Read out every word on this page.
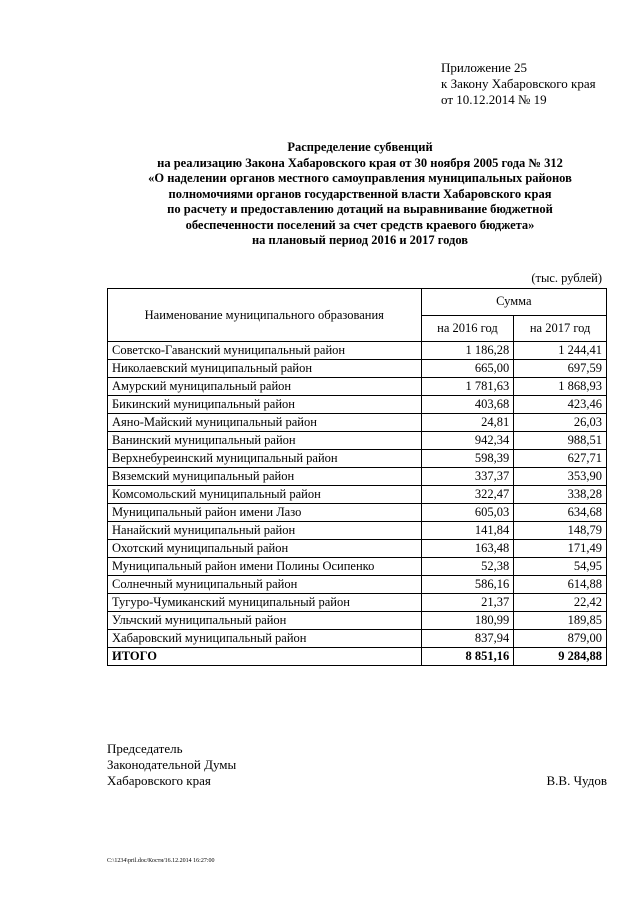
Приложение 25
к Закону Хабаровского края
от 10.12.2014 № 19
Распределение субвенций
на реализацию Закона Хабаровского края от 30 ноября 2005 года № 312
«О наделении органов местного самоуправления муниципальных районов
полномочиями органов государственной власти Хабаровского края
по расчету и предоставлению дотаций на выравнивание бюджетной
обеспеченности поселений за счет средств краевого бюджета»
на плановый период 2016 и 2017 годов
(тыс. рублей)
Наименование муниципального образования	Сумма	
	на 2016 год	на 2017 год
Советско-Гаванский муниципальный район	1 186,28	1 244,41
Николаевский муниципальный район	665,00	697,59
Амурский муниципальный район	1 781,63	1 868,93
Бикинский муниципальный район	403,68	423,46
Аяно-Майский муниципальный район	24,81	26,03
Ванинский муниципальный район	942,34	988,51
Верхнебуреинский муниципальный район	598,39	627,71
Вяземский муниципальный район	337,37	353,90
Комсомольский муниципальный район	322,47	338,28
Муниципальный район имени Лазо	605,03	634,68
Нанайский муниципальный район	141,84	148,79
Охотский муниципальный район	163,48	171,49
Муниципальный район имени Полины Осипенко	52,38	54,95
Солнечный муниципальный район	586,16	614,88
Тугуро-Чумиканский муниципальный район	21,37	22,42
Ульчский муниципальный район	180,99	189,85
Хабаровский муниципальный район	837,94	879,00
ИТОГО	8 851,16	9 284,88
Председатель
Законодательной Думы
Хабаровского края	В.В. Чудов
C:\1234\pril.doc/Костя/16.12.2014 16:27:00
